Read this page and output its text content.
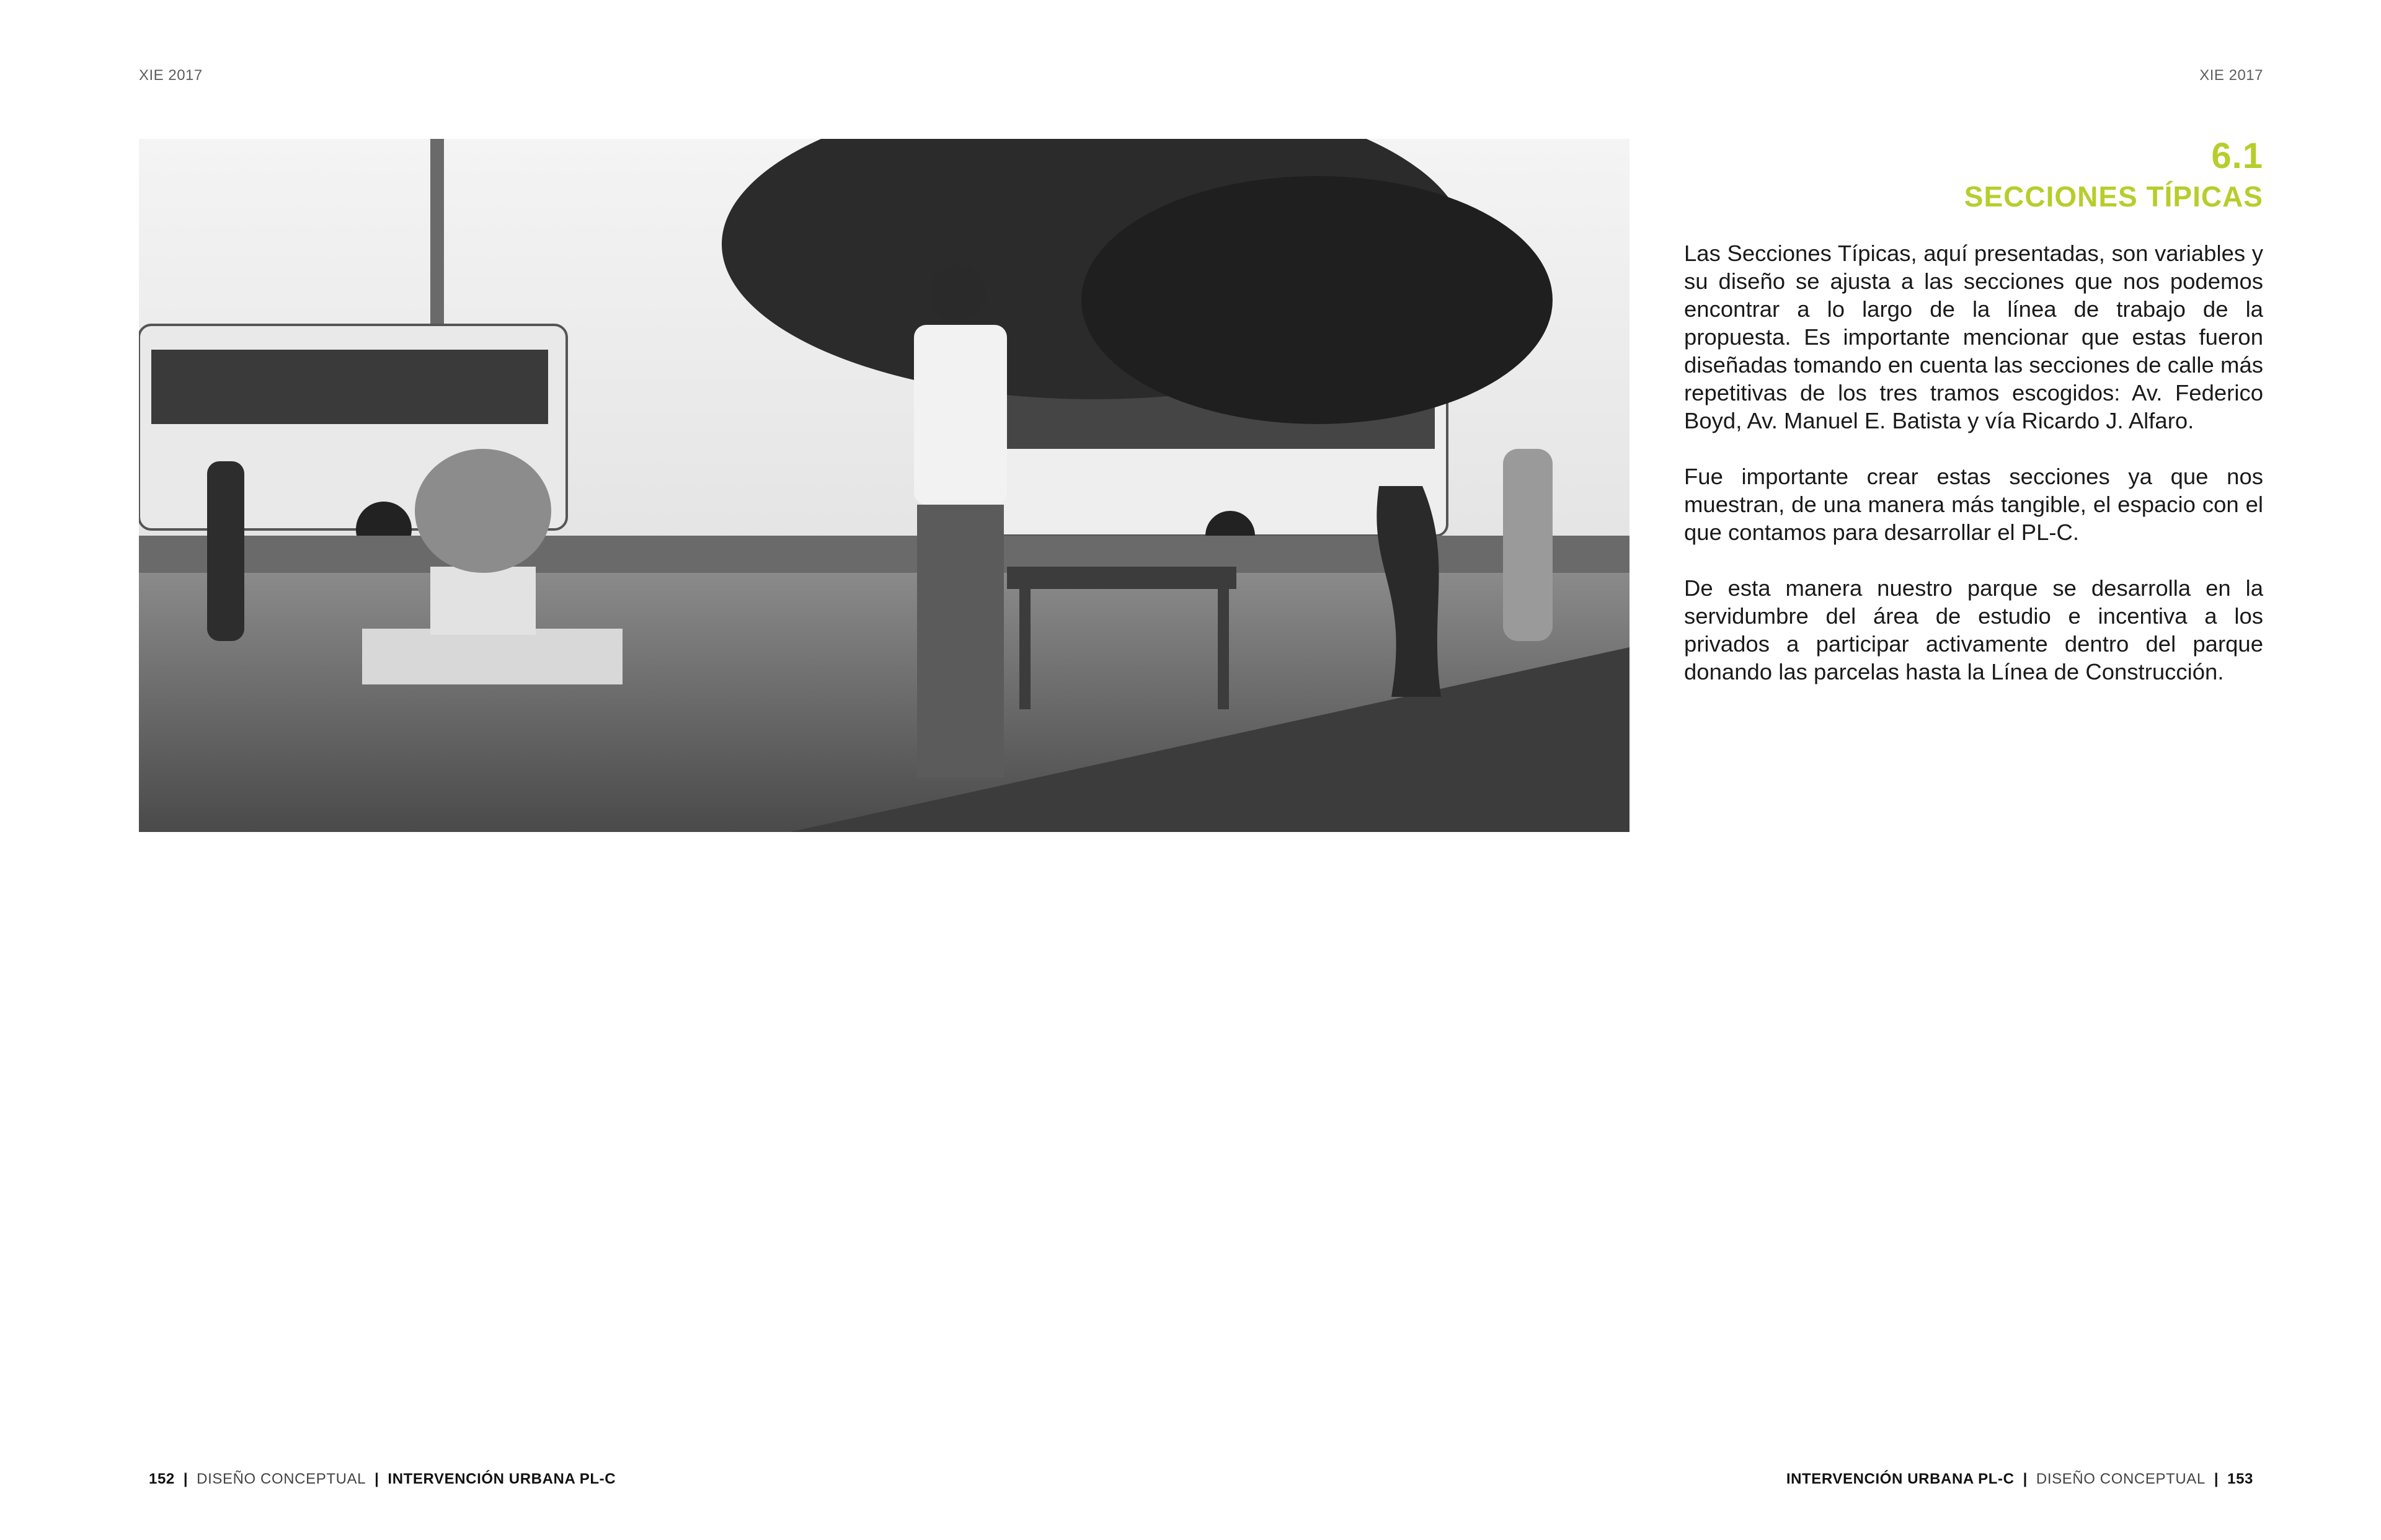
XIE 2017	XIE 2017
6.1
SECCIONES TÍPICAS

Las Secciones Típicas, aquí presentadas, son variables y su diseño se ajusta a las secciones que nos podemos encontrar a lo largo de la línea de trabajo de la propuesta. Es importante mencionar que estas fueron diseñadas tomando en cuenta las secciones de calle más repetitivas de los tres tramos escogidos: Av. Federico Boyd, Av. Manuel E. Batista y vía Ricardo J. Alfaro.

Fue importante crear estas secciones ya que nos muestran, de una manera más tangible, el espacio con el que contamos para desarrollar el PL-C.

De esta manera nuestro parque se desarrolla en la servidumbre del área de estudio e incentiva a los privados a participar activamente dentro del parque donando las parcelas hasta la Línea de Construcción.

152 | DISEÑO CONCEPTUAL | INTERVENCIÓN URBANA PL-C	INTERVENCIÓN URBANA PL-C | DISEÑO CONCEPTUAL | 153
